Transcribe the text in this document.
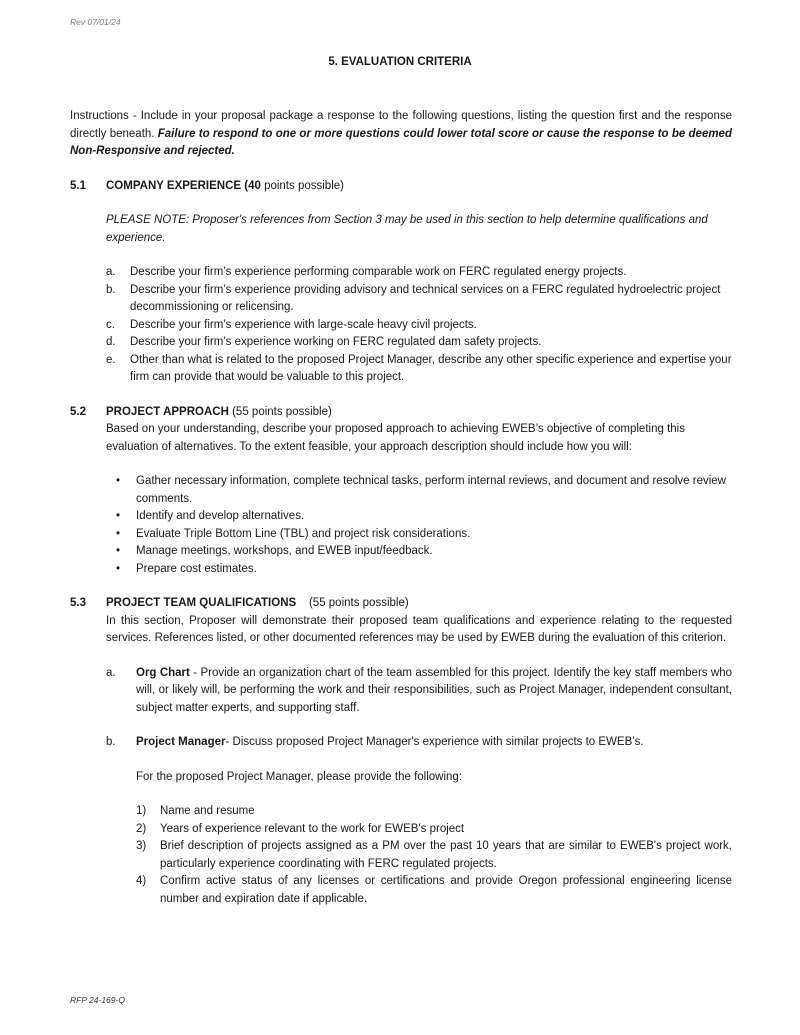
Rev 07/01/24
5. EVALUATION CRITERIA

Instructions - Include in your proposal package a response to the following questions, listing the question first and the response directly beneath. Failure to respond to one or more questions could lower total score or cause the response to be deemed Non-Responsive and rejected.

5.1 COMPANY EXPERIENCE (40 points possible)

PLEASE NOTE: Proposer's references from Section 3 may be used in this section to help determine qualifications and experience.

a. Describe your firm’s experience performing comparable work on FERC regulated energy projects.
b. Describe your firm’s experience providing advisory and technical services on a FERC regulated hydroelectric project decommissioning or relicensing.
c. Describe your firm’s experience with large-scale heavy civil projects.
d. Describe your firm’s experience working on FERC regulated dam safety projects.
e. Other than what is related to the proposed Project Manager, describe any other specific experience and expertise your firm can provide that would be valuable to this project.
5.2 PROJECT APPROACH (55 points possible)

Based on your understanding, describe your proposed approach to achieving EWEB’s objective of completing this evaluation of alternatives. To the extent feasible, your approach description should include how you will:

• Gather necessary information, complete technical tasks, perform internal reviews, and document and resolve review comments.
• Identify and develop alternatives.
• Evaluate Triple Bottom Line (TBL) and project risk considerations.
• Manage meetings, workshops, and EWEB input/feedback.
• Prepare cost estimates.
5.3 PROJECT TEAM QUALIFICATIONS    (55 points possible)

In this section, Proposer will demonstrate their proposed team qualifications and experience relating to the requested services. References listed, or other documented references may be used by EWEB during the evaluation of this criterion.

a. Org Chart - Provide an organization chart of the team assembled for this project. Identify the key staff members who will, or likely will, be performing the work and their responsibilities, such as Project Manager, independent consultant, subject matter experts, and supporting staff.

b. Project Manager- Discuss proposed Project Manager's experience with similar projects to EWEB’s.

For the proposed Project Manager, please provide the following:

1) Name and resume
2) Years of experience relevant to the work for EWEB's project
3) Brief description of projects assigned as a PM over the past 10 years that are similar to EWEB's project work, particularly experience coordinating with FERC regulated projects.
4) Confirm active status of any licenses or certifications and provide Oregon professional engineering license number and expiration date if applicable.
RFP 24-169-Q
